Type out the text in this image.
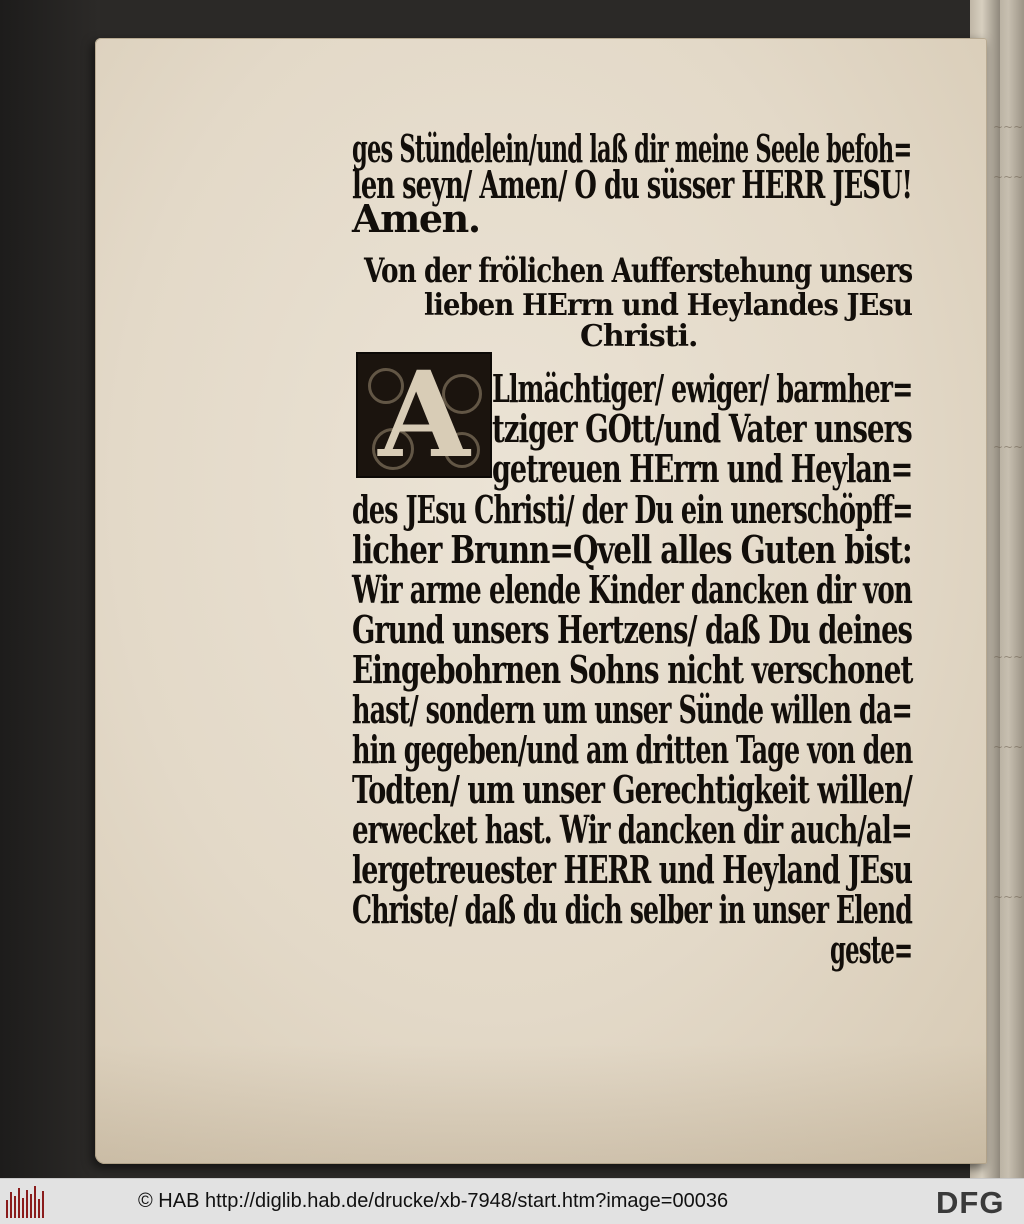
~~~
~~~
~~~
~~~
~~~
~~~
A
ges Stündelein/und laß dir meine Seele befoh=
len seyn/ Amen/ O du süsser HERR JESU!
Amen.
Von der frölichen Aufferstehung unsers
lieben HErrn und Heylandes JEsu
Christi.
Llmächtiger/ ewiger/ barmher=
tziger GOtt/und Vater unsers
getreuen HErrn und Heylan=
des JEsu Christi/ der Du ein unerschöpff=
licher Brunn=Qvell alles Guten bist:
Wir arme elende Kinder dancken dir von
Grund unsers Hertzens/ daß Du deines
Eingebohrnen Sohns nicht verschonet
hast/ sondern um unser Sünde willen da=
hin gegeben/und am dritten Tage von den
Todten/ um unser Gerechtigkeit willen/
erwecket hast. Wir dancken dir auch/al=
lergetreuester HERR und Heyland JEsu
Christe/ daß du dich selber in unser Elend
geste=
© HAB http://diglib.hab.de/drucke/xb-7948/start.htm?image=00036	DFG
